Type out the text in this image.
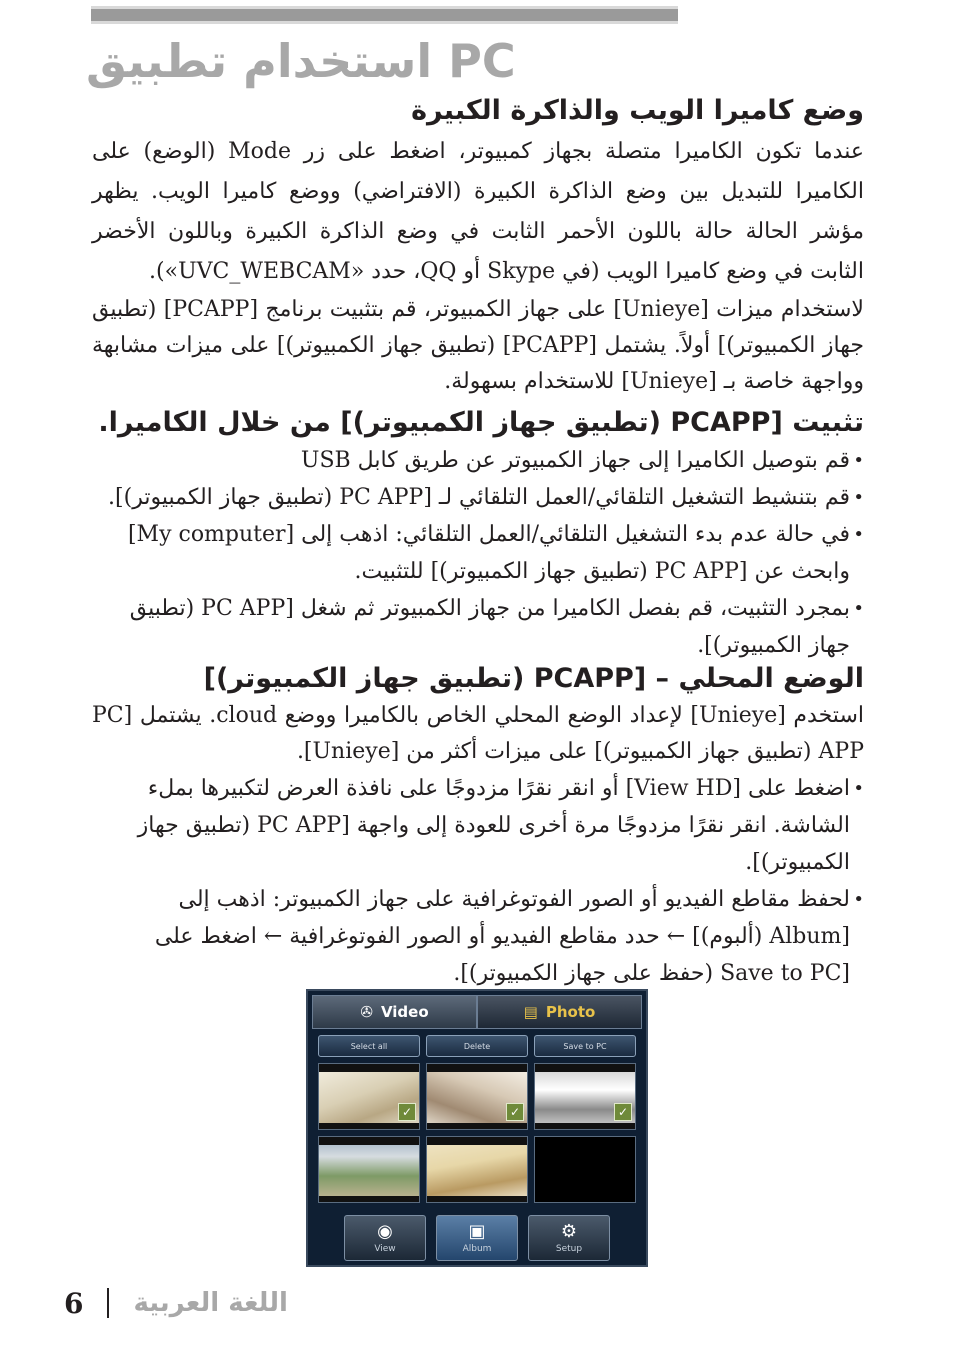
استخدام تطبيق PC
وضع كاميرا الويب والذاكرة الكبيرة

عندما تكون الكاميرا متصلة بجهاز كمبيوتر، اضغط على زر Mode (الوضع) على الكاميرا للتبديل بين وضع الذاكرة الكبيرة (الافتراضي) ووضع كاميرا الويب. يظهر مؤشر الحالة حالة باللون الأحمر الثابت في وضع الذاكرة الكبيرة وباللون الأخضر الثابت في وضع كاميرا الويب (في Skype أو QQ، حدد «UVC_WEBCAM»).

لاستخدام ميزات [Unieye] على جهاز الكمبيوتر، قم بتثبيت برنامج [PCAPP] (تطبيق جهاز الكمبيوتر)] أولاً. يشتمل [PCAPP] (تطبيق جهاز الكمبيوتر)] على ميزات مشابهة وواجهة خاصة بـ [Unieye] للاستخدام بسهولة.

تثبيت [PCAPP (تطبيق جهاز الكمبيوتر)] من خلال الكاميرا.
• قم بتوصيل الكاميرا إلى جهاز الكمبيوتر عن طريق كابل USB
• قم بتنشيط التشغيل التلقائي/العمل التلقائي لـ [PC APP (تطبيق جهاز الكمبيوتر)].
• في حالة عدم بدء التشغيل التلقائي/العمل التلقائي: اذهب إلى [My computer] وابحث عن [PC APP (تطبيق جهاز الكمبيوتر)] للتثبيت.
• بمجرد التثبيت، قم بفصل الكاميرا من جهاز الكمبيوتر ثم شغل [PC APP (تطبيق جهاز الكمبيوتر)].
الوضع المحلي – [PCAPP (تطبيق جهاز الكمبيوتر)]

استخدم [Unieye] لإعداد الوضع المحلي الخاص بالكاميرا ووضع cloud. يشتمل [PC APP (تطبيق جهاز الكمبيوتر)] على ميزات أكثر من [Unieye].

• اضغط على [View HD] أو انقر نقرًا مزدوجًا على نافذة العرض لتكبيرها بملء الشاشة. انقر نقرًا مزدوجًا مرة أخرى للعودة إلى واجهة [PC APP (تطبيق جهاز الكمبيوتر)].
• لحفظ مقاطع الفيديو أو الصور الفوتوغرافية على جهاز الكمبيوتر: اذهب إلى [Album (ألبوم)] ← حدد مقاطع الفيديو أو الصور الفوتوغرافية ← اضغط على [Save to PC (حفظ على جهاز الكمبيوتر)].
✇ Video	▤ Photo
Select all	Delete	Save to PC
✓	✓	✓
◉
View
▣
Album
⚙
Setup
6 اللغة العربية
